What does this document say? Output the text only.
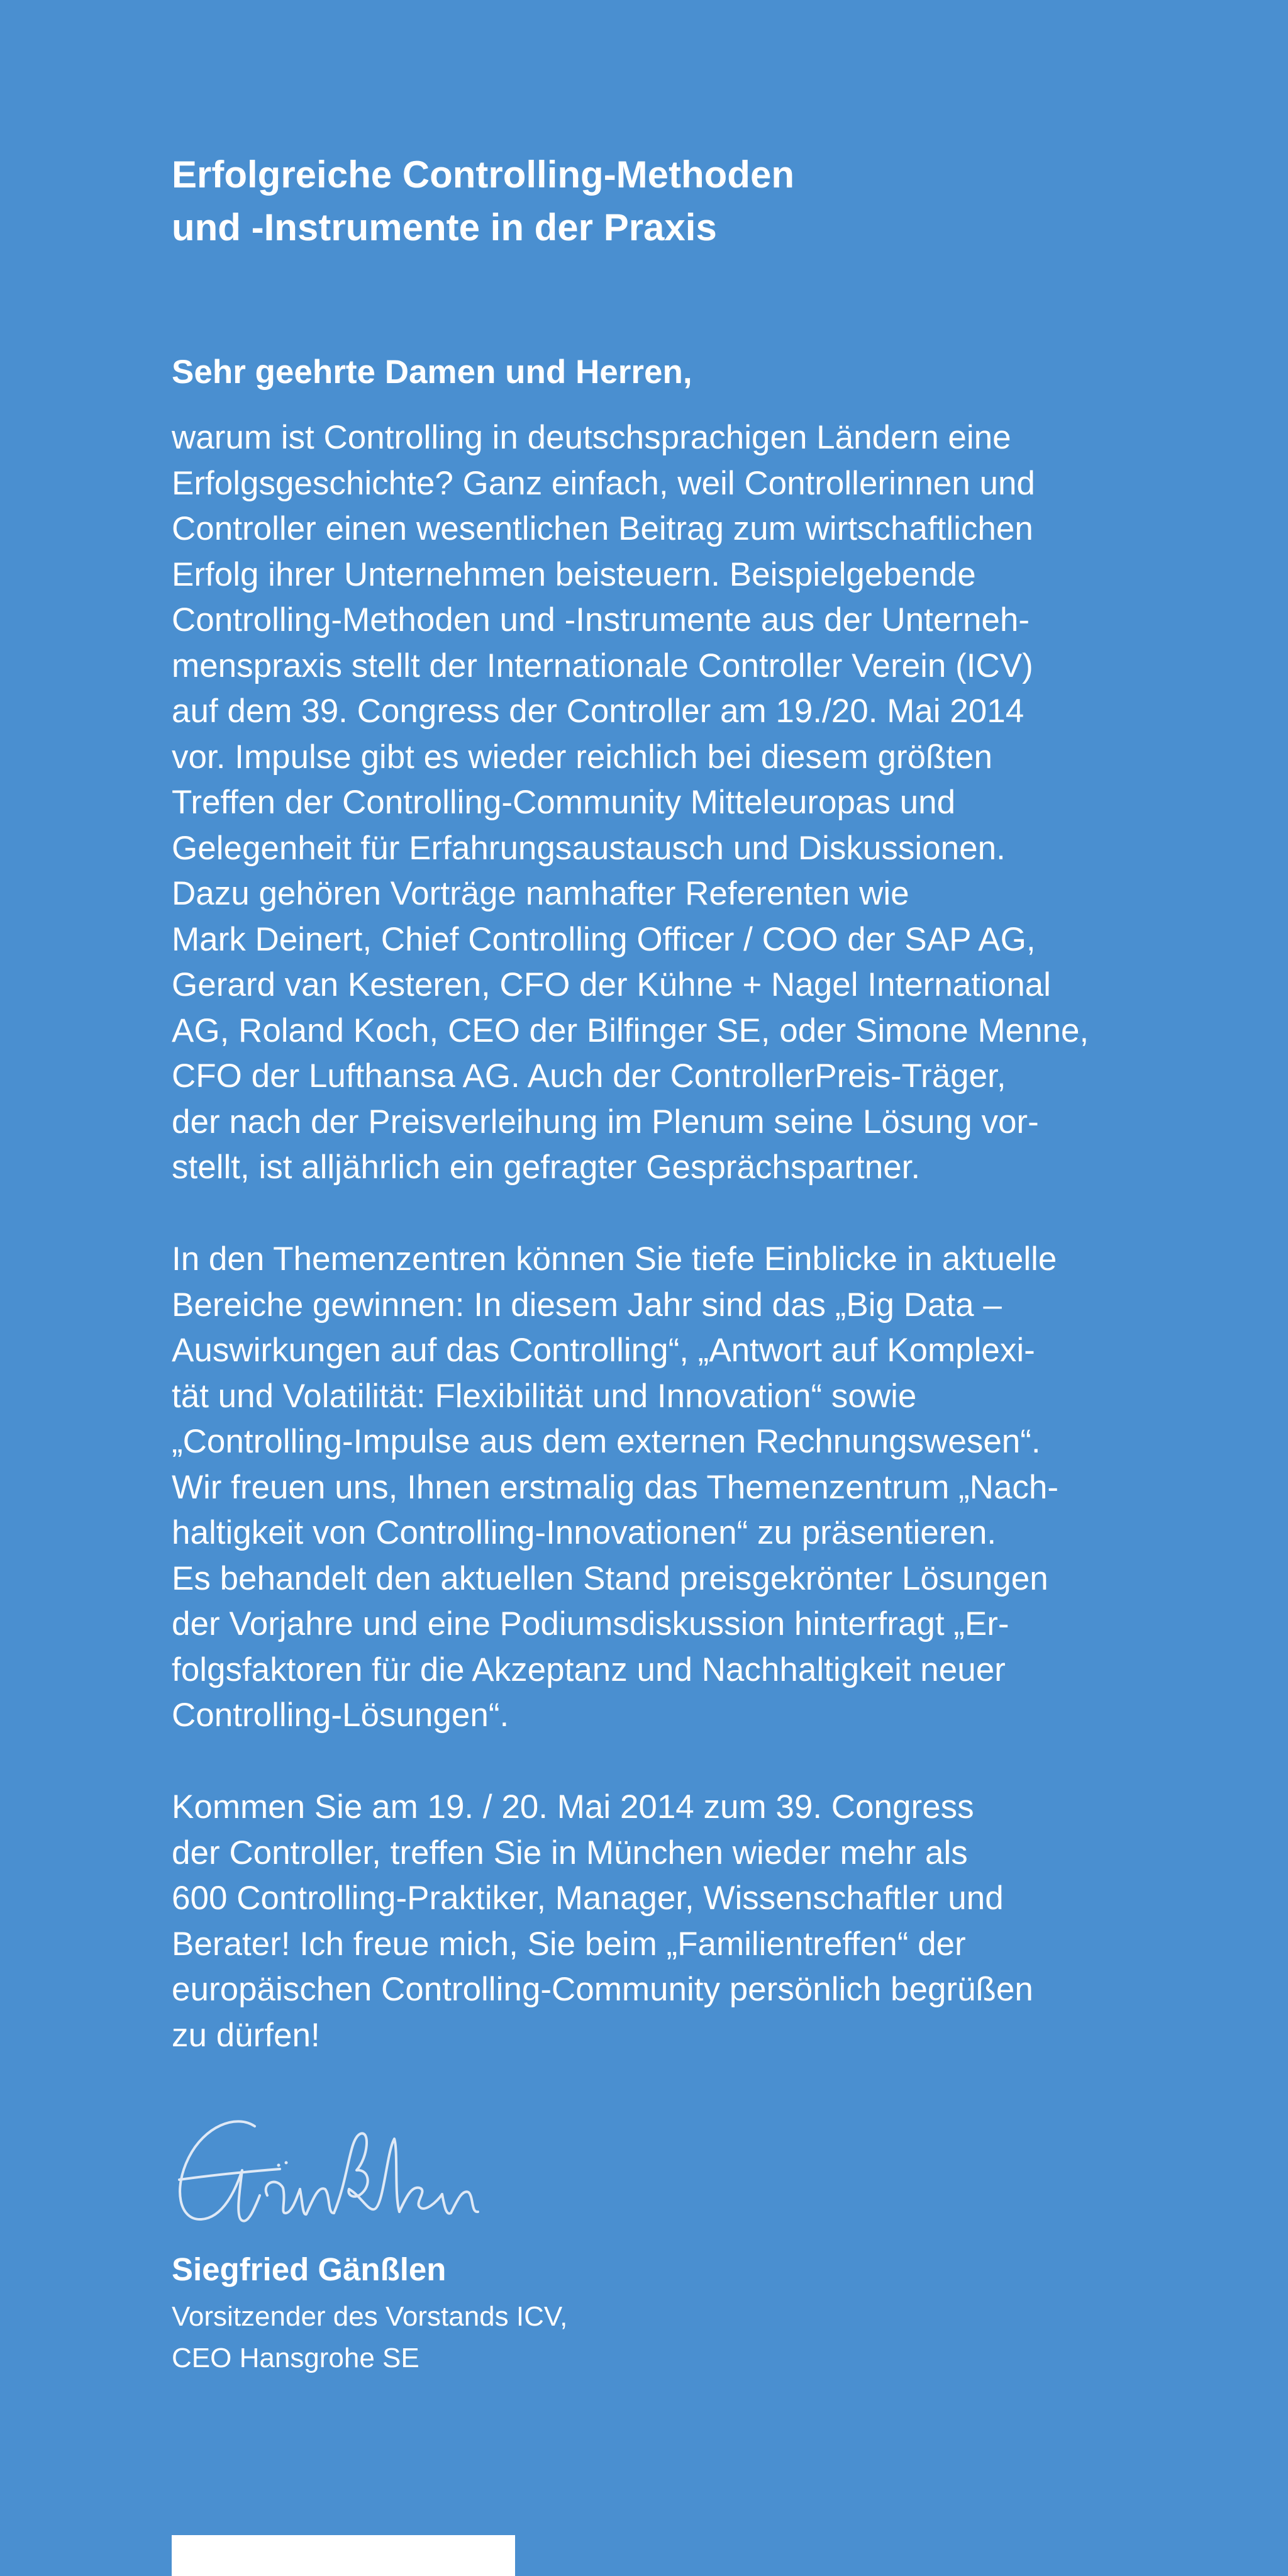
Erfolgreiche Controlling-Methoden
und -Instrumente in der Praxis

Sehr geehrte Damen und Herren,

warum ist Controlling in deutschsprachigen Ländern eine
Erfolgsgeschichte? Ganz einfach, weil Controllerinnen und
Controller einen wesentlichen Beitrag zum wirtschaftlichen
Erfolg ihrer Unternehmen beisteuern. Beispielgebende
Controlling-Methoden und -Instrumente aus der Unterneh-
menspraxis stellt der Internationale Controller Verein (ICV)
auf dem 39. Congress der Controller am 19./20. Mai 2014
vor. Impulse gibt es wieder reichlich bei diesem größten
Treffen der Controlling-Community Mitteleuropas und
Gelegenheit für Erfahrungsaustausch und Diskussionen.
Dazu gehören Vorträge namhafter Referenten wie
Mark Deinert, Chief Controlling Officer / COO der SAP AG,
Gerard van Kesteren, CFO der Kühne + Nagel International
AG, Roland Koch, CEO der Bilfinger SE, oder Simone Menne,
CFO der Lufthansa AG. Auch der ControllerPreis-Träger,
der nach der Preisverleihung im Plenum seine Lösung vor-
stellt, ist alljährlich ein gefragter Gesprächspartner.

In den Themenzentren können Sie tiefe Einblicke in aktuelle
Bereiche gewinnen: In diesem Jahr sind das „Big Data –
Auswirkungen auf das Controlling“, „Antwort auf Komplexi-
tät und Volatilität: Flexibilität und Innovation“ sowie
„Controlling-Impulse aus dem externen Rechnungswesen“.
Wir freuen uns, Ihnen erstmalig das Themenzentrum „Nach-
haltigkeit von Controlling-Innovationen“ zu präsentieren.
Es behandelt den aktuellen Stand preisgekrönter Lösungen
der Vorjahre und eine Podiumsdiskussion hinterfragt „Er-
folgsfaktoren für die Akzeptanz und Nachhaltigkeit neuer
Controlling-Lösungen“.

Kommen Sie am 19. / 20. Mai 2014 zum 39. Congress
der Controller, treffen Sie in München wieder mehr als
600 Controlling-Praktiker, Manager, Wissenschaftler und
Berater! Ich freue mich, Sie beim „Familientreffen“ der
europäischen Controlling-Community persönlich begrüßen
zu dürfen!

Siegfried Gänßlen

Vorsitzender des Vorstands ICV,
CEO Hansgrohe SE
